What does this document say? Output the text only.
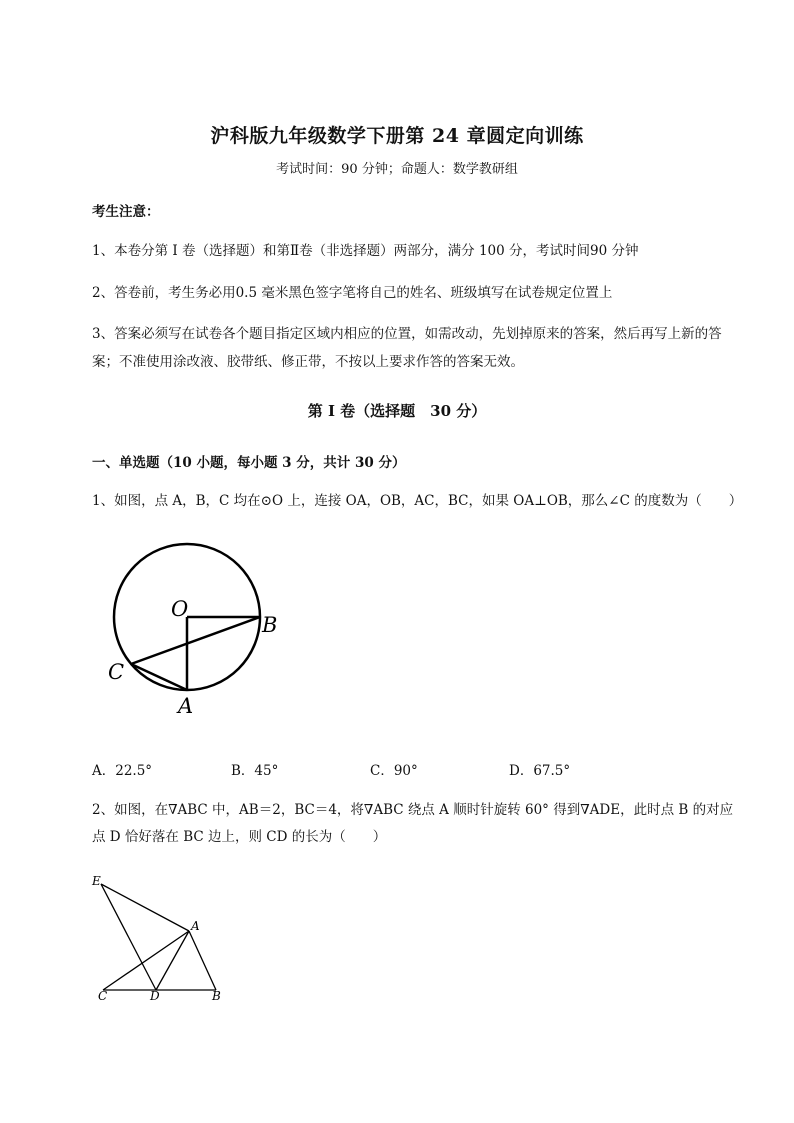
沪科版九年级数学下册第 24 章圆定向训练
考试时间：90 分钟；命题人：数学教研组
考生注意：
1、本卷分第 I 卷（选择题）和第Ⅱ卷（非选择题）两部分，满分 100 分，考试时间90 分钟
2、答卷前，考生务必用0.5 毫米黑色签字笔将自己的姓名、班级填写在试卷规定位置上
3、答案必须写在试卷各个题目指定区域内相应的位置，如需改动，先划掉原来的答案，然后再写上新的答案；不准使用涂改液、胶带纸、修正带，不按以上要求作答的答案无效。
第 I 卷（选择题　30 分）
一、单选题（10 小题，每小题 3 分，共计 30 分）
1、如图，点 A，B，C 均在⊙O 上，连接 OA，OB，AC，BC，如果 OA⊥OB，那么∠C 的度数为（　　）
O
B
C
A
A．22.5°	B．45°	C．90°	D．67.5°
2、如图，在∇ABC 中，AB＝2，BC＝4，将∇ABC 绕点 A 顺时针旋转 60° 得到∇ADE，此时点 B 的对应点 D 恰好落在 BC 边上，则 CD 的长为（　　）
E
A
C	D	B
